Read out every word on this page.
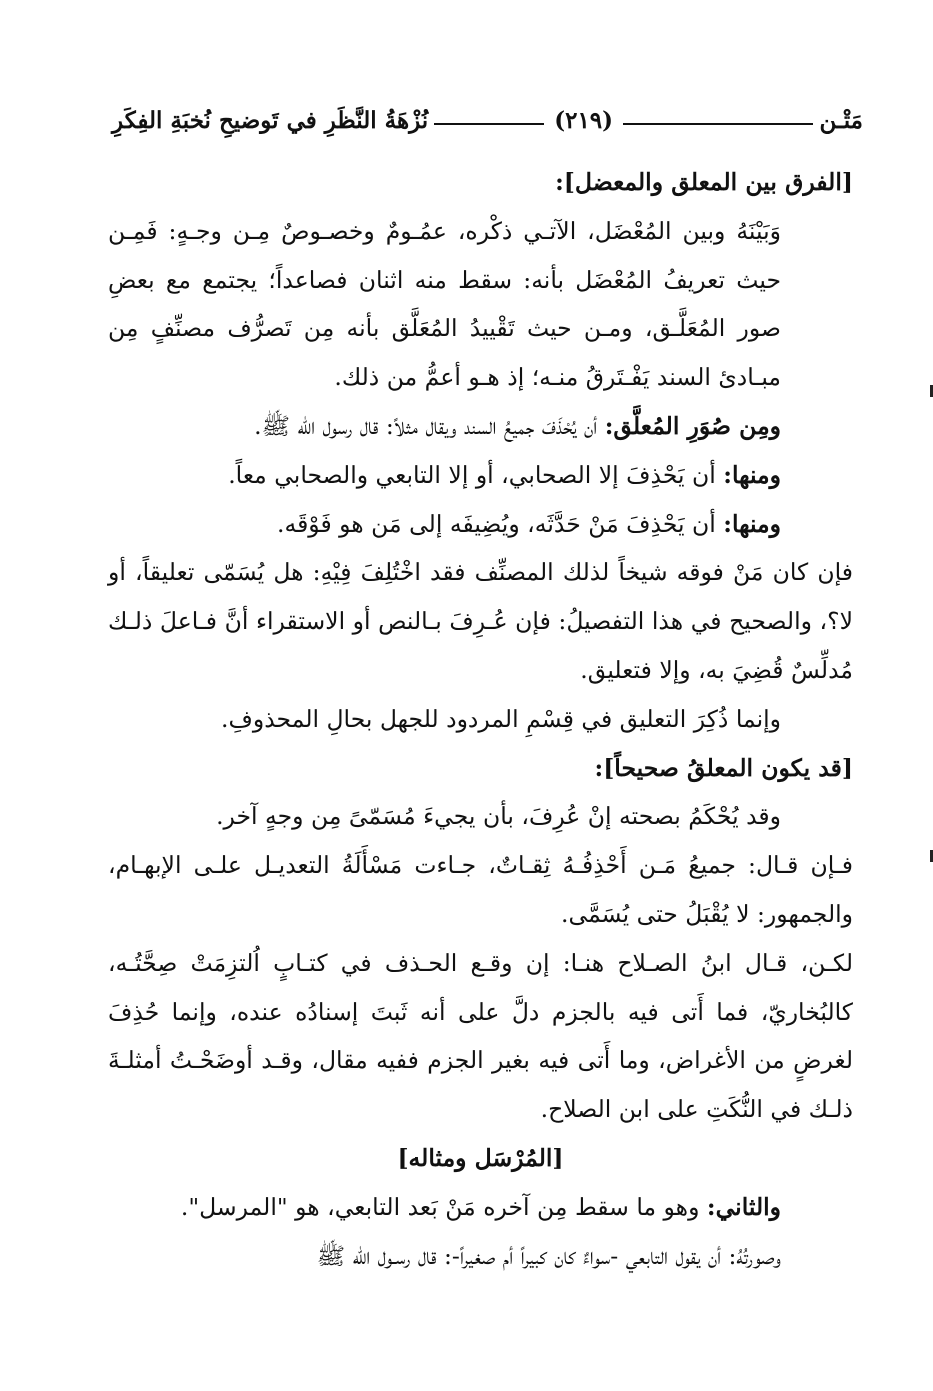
مَتْـن
(٢١٩)
نُزْهَةُ النَّظَرِ في تَوضيحِ نُخبَةِ الفِكَرِ

[الفرق بين المعلق والمعضل]:

وَبَيْنَهُ وبين المُعْضَل، الآتـي ذكْره، عمُـومٌ وخصـوصٌ مِـن وجـهٍ: فَمِـن حيث تعريفُ المُعْضَل بأنه: سقط منه اثنان فصاعداً؛ يجتمع مع بعضِ صور المُعَلَّـق، ومـن حيث تَقْييدُ المُعَلَّق بأنه مِن تَصرُّف مصنِّفٍ مِن مبـادئ السند يَفْـتَرقُ منـه؛ إذ هـو أعمُّ من ذلك.

ومِن صُوَرِ المُعلَّق: أن يُحْذَفَ جميعُ السند ويقال مثلاً: قال رسول الله ﷺ.

ومنها: أن يَحْذِفَ إلا الصحابي، أو إلا التابعي والصحابي معاً.

ومنها: أن يَحْذِفَ مَنْ حَدَّثَه، ويُضِيفَه إلى مَن هو فَوْقَه.

فإن كان مَنْ فوقه شيخاً لذلك المصنِّف فقد اخْتُلِفَ فِيْهِ: هل يُسَمّى تعليقاً، أو لا؟، والصحيح في هذا التفصيلُ: فإن عُـرِفَ بـالنص أو الاستقراء أنَّ فـاعلَ ذلـك مُدلِّسٌ قُضِيَ به، وإلا فتعليق.

وإنما ذُكِرَ التعليق في قِسْمِ المردود للجهل بحالِ المحذوفِ.

[قد يكون المعلقُ صحيحاً]:

وقد يُحْكَمُ بصحته إنْ عُرِفَ، بأن يجيءَ مُسَمّىً مِن وجهٍ آخر.

فـإن قـال: جميعُ مَـن أَحْذِفُـهُ ثِقـاتٌ، جـاءت مَسْأَلَةُ التعديـل علـى الإبهـام، والجمهور: لا يُقْبَلُ حتى يُسَمَّى.

لكـن، قـال ابنُ الصـلاح هنـا: إن وقـع الحـذف في كتـابٍ اُلتزِمَتْ صِحَّتُـه، كالبُخاريّ، فما أَتى فيه بالجزم دلَّ على أنه ثَبتَ إسنادُه عنده، وإنما حُذِفَ لغرضٍ من الأغراض، وما أَتى فيه بغير الجزم ففيه مقال، وقـد أوضَحْـتُ أمثلـةَ ذلـك في النُّكَتِ على ابن الصلاح.

[المُرْسَل ومثاله]

والثاني: وهو ما سقط مِن آخره مَنْ بَعد التابعي، هو "المرسل".

وصورتُهُ: أن يقول التابعي -سواءٌ كان كبيراً أم صغيراً-: قال رسـول الله ﷺ
